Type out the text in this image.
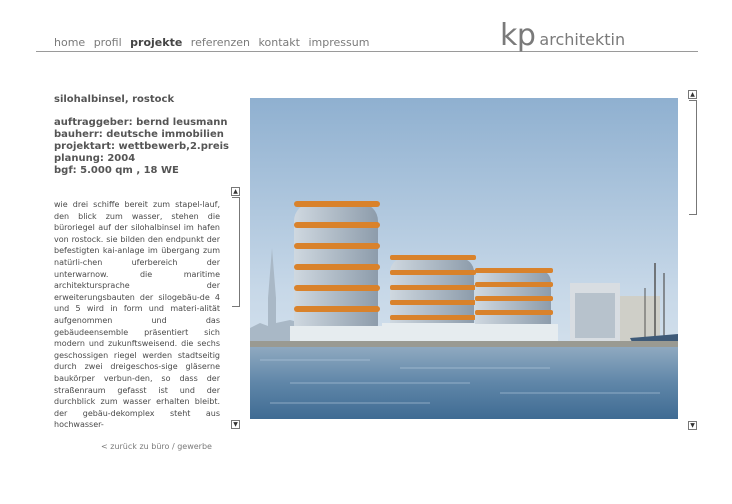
home profil projekte referenzen kontakt impressum	kp architektin
silohalbinsel, rostock
auftraggeber: bernd leusmann
bauherr: deutsche immobilien
projektart: wettbewerb,2.preis
planung: 2004
bgf: 5.000 qm , 18 WE

wie drei schiffe bereit zum stapel-lauf, den blick zum wasser, stehen die büroriegel auf der silohalbinsel im hafen von rostock. sie bilden den endpunkt der befestigten kai-anlage im übergang zum natürli-chen uferbereich der unterwarnow. die maritime architektursprache der erweiterungsbauten der silogebäu-de 4 und 5 wird in form und materi-alität aufgenommen und das gebäudeensemble präsentiert sich modern und zukunftsweisend. die sechs geschossigen riegel werden stadtseitig durch zwei dreigeschos-sige gläserne baukörper verbun-den, so dass der straßenraum gefasst ist und der durchblick zum wasser erhalten bleibt. der gebäu-dekomplex steht aus hochwasser-

▲
▼
< zurück zu büro / gewerbe
▲
▼
